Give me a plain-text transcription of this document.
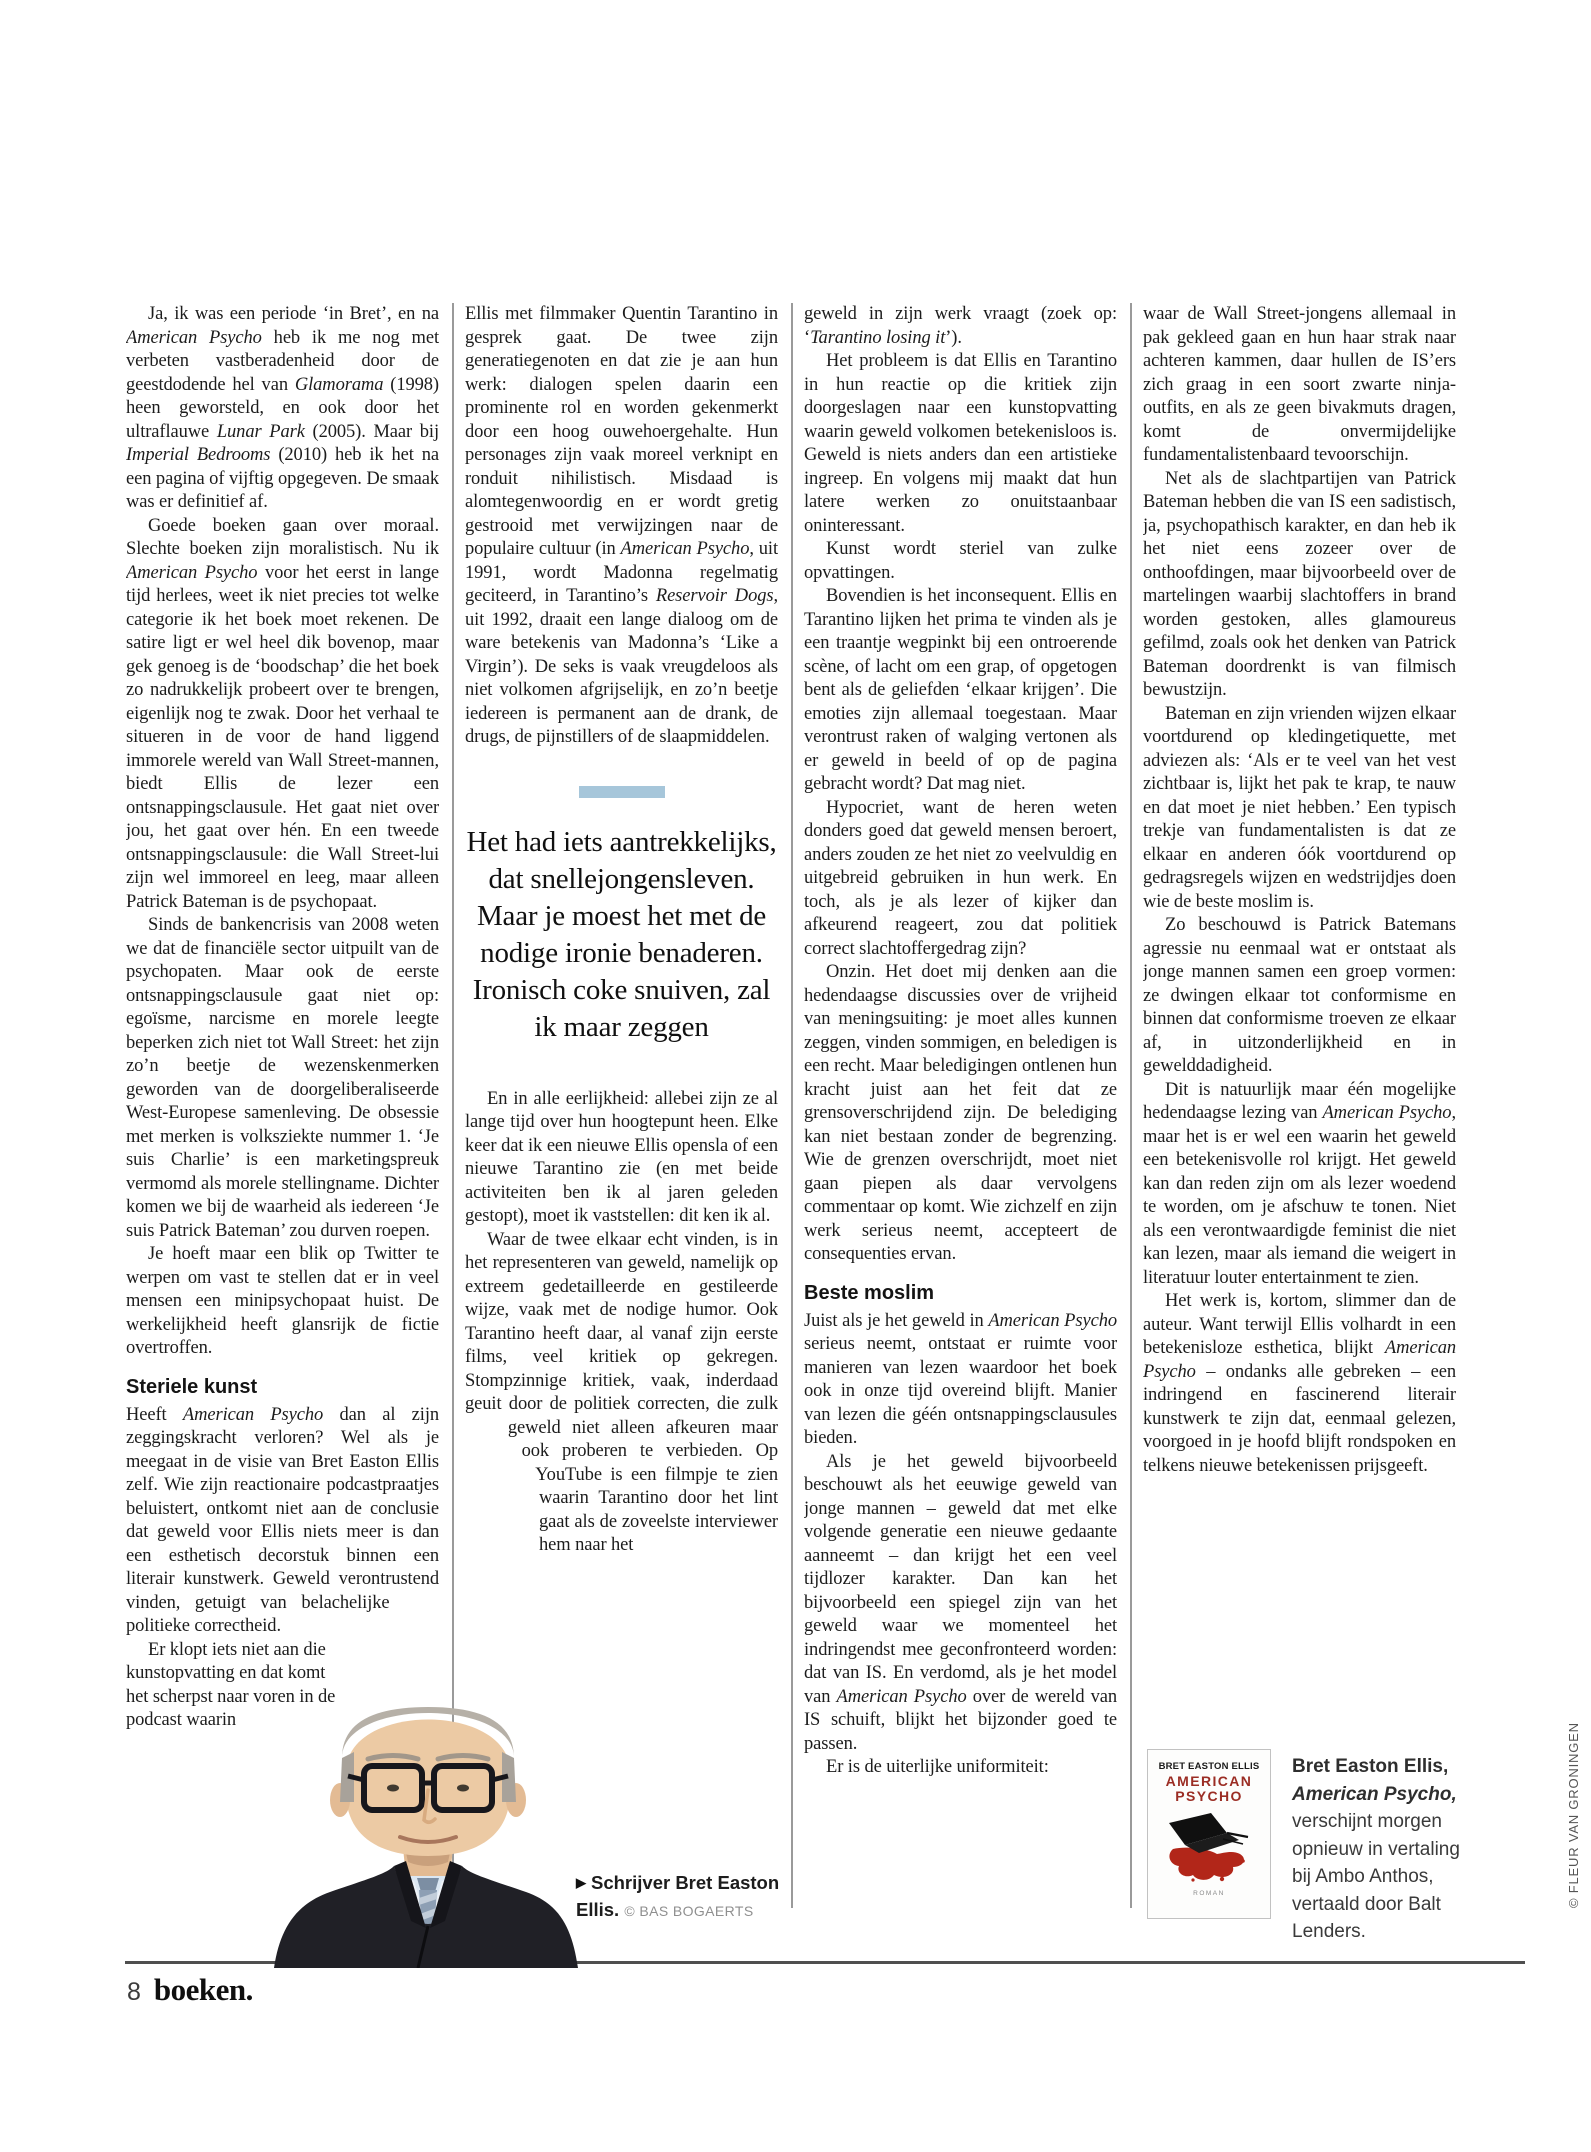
Ja, ik was een periode ‘in Bret’, en na American Psycho heb ik me nog met verbeten vastberadenheid door de geestdodende hel van Glamorama (1998) heen geworsteld, en ook door het ultraflauwe Lunar Park (2005). Maar bij Imperial Bedrooms (2010) heb ik het na een pagina of vijftig opgegeven. De smaak was er definitief af.

Goede boeken gaan over moraal. Slechte boeken zijn moralistisch. Nu ik American Psycho voor het eerst in lange tijd herlees, weet ik niet precies tot welke categorie ik het boek moet rekenen. De satire ligt er wel heel dik bovenop, maar gek genoeg is de ‘boodschap’ die het boek zo nadrukkelijk probeert over te brengen, eigenlijk nog te zwak. Door het verhaal te situeren in de voor de hand liggend immorele wereld van Wall Street-mannen, biedt Ellis de lezer een ontsnappingsclausule. Het gaat niet over jou, het gaat over hén. En een tweede ontsnappingsclausule: die Wall Street-lui zijn wel immoreel en leeg, maar alleen Patrick Bateman is de psychopaat.

Sinds de bankencrisis van 2008 weten we dat de financiële sector uitpuilt van de psychopaten. Maar ook de eerste ontsnappingsclausule gaat niet op: egoïsme, narcisme en morele leegte beperken zich niet tot Wall Street: het zijn zo’n beetje de wezenskenmerken geworden van de doorgeliberaliseerde West-Europese samenleving. De obsessie met merken is volksziekte nummer 1. ‘Je suis Charlie’ is een marketingspreuk vermomd als morele stellingname. Dichter komen we bij de waarheid als iedereen ‘Je suis Patrick Bateman’ zou durven roepen.

Je hoeft maar een blik op Twitter te werpen om vast te stellen dat er in veel mensen een minipsychopaat huist. De werkelijkheid heeft glansrijk de fictie overtroffen.

Steriele kunst

Heeft American Psycho dan al zijn zeggingskracht verloren? Wel als je meegaat in de visie van Bret Easton Ellis zelf. Wie zijn reactionaire podcastpraatjes beluistert, ontkomt niet aan de conclusie dat geweld voor Ellis niets meer is dan een esthetisch decorstuk binnen een literair kunstwerk.
Geweld verontrustend vinden, getuigt van belachelijke politieke correctheid.

Er klopt iets niet aan die kunstopvatting en dat komt het scherpst naar voren in de podcast waarin

Ellis met filmmaker Quentin Tarantino in gesprek gaat. De twee zijn generatiegenoten en dat zie je aan hun werk: dialogen spelen daarin een prominente rol en worden gekenmerkt door een hoog ouwehoergehalte. Hun personages zijn vaak moreel verknipt en ronduit nihilistisch. Misdaad is alomtegenwoordig en er wordt gretig gestrooid met verwijzingen naar de populaire cultuur (in American Psycho, uit 1991, wordt Madonna regelmatig geciteerd, in Tarantino’s Reservoir Dogs, uit 1992, draait een lange dialoog om de ware betekenis van Madonna’s ‘Like a Virgin’). De seks is vaak vreugdeloos als niet volkomen afgrijselijk, en zo’n beetje iedereen is permanent aan de drank, de drugs, de pijnstillers of de slaapmiddelen.

Het had iets aantrekkelijks, dat snellejongensleven. Maar je moest het met de nodige ironie benaderen. Ironisch coke snuiven, zal ik maar zeggen

En in alle eerlijkheid: allebei zijn ze al lange tijd over hun hoogtepunt heen. Elke keer dat ik een nieuwe Ellis opensla of een nieuwe Tarantino zie (en met beide activiteiten ben ik al jaren geleden gestopt), moet ik vaststellen: dit ken ik al.

Waar de twee elkaar echt vinden, is in het representeren van geweld, namelijk op extreem gedetailleerde en gestileerde wijze, vaak met de nodige humor. Ook Tarantino heeft daar, al vanaf zijn eerste films, veel kritiek op gekregen. Stompzinnige kritiek, vaak, inderdaad geuit door de politiek correcten, die zulk
geweld niet alleen afkeuren maar ook proberen te verbieden. Op YouTube is een filmpje te zien waarin Tarantino door het lint gaat als de zoveelste interviewer hem naar het

geweld in zijn werk vraagt (zoek op: ‘Tarantino losing it’).

Het probleem is dat Ellis en Tarantino in hun reactie op die kritiek zijn doorgeslagen naar een kunstopvatting waarin geweld volkomen betekenisloos is. Geweld is niets anders dan een artistieke ingreep. En volgens mij maakt dat hun latere werken zo onuitstaanbaar oninteressant.

Kunst wordt steriel van zulke opvattingen.

Bovendien is het inconsequent. Ellis en Tarantino lijken het prima te vinden als je een traantje wegpinkt bij een ontroerende scène, of lacht om een grap, of opgetogen bent als de geliefden ‘elkaar krijgen’. Die emoties zijn allemaal toegestaan. Maar verontrust raken of walging vertonen als er geweld in beeld of op de pagina gebracht wordt? Dat mag niet.

Hypocriet, want de heren weten donders goed dat geweld mensen beroert, anders zouden ze het niet zo veelvuldig en uitgebreid gebruiken in hun werk. En toch, als je als lezer of kijker dan afkeurend reageert, zou dat politiek correct slachtoffergedrag zijn?

Onzin. Het doet mij denken aan die hedendaagse discussies over de vrijheid van meningsuiting: je moet alles kunnen zeggen, vinden sommigen, en beledigen is een recht. Maar beledigingen ontlenen hun kracht juist aan het feit dat ze grensoverschrijdend zijn. De belediging kan niet bestaan zonder de begrenzing. Wie de grenzen overschrijdt, moet niet gaan piepen als daar vervolgens commentaar op komt. Wie zichzelf en zijn werk serieus neemt, accepteert de consequenties ervan.

Beste moslim

Juist als je het geweld in American Psycho serieus neemt, ontstaat er ruimte voor manieren van lezen waardoor het boek ook in onze tijd overeind blijft. Manier van lezen die géén ontsnappingsclausules bieden.

Als je het geweld bijvoorbeeld beschouwt als het eeuwige geweld van jonge mannen – geweld dat met elke volgende generatie een nieuwe gedaante aanneemt – dan krijgt het een veel tijdlozer karakter. Dan kan het bijvoorbeeld een spiegel zijn van het geweld waar we momenteel het indringendst mee geconfronteerd worden: dat van IS. En verdomd, als je het model van American Psycho over de wereld van IS schuift, blijkt het bijzonder goed te passen.

Er is de uiterlijke uniformiteit:

waar de Wall Street-jongens allemaal in pak gekleed gaan en hun haar strak naar achteren kammen, daar hullen de IS’ers zich graag in een soort zwarte ninja-outfits, en als ze geen bivakmuts dragen, komt de onvermijdelijke fundamentalistenbaard tevoorschijn.

Net als de slachtpartijen van Patrick Bateman hebben die van IS een sadistisch, ja, psychopathisch karakter, en dan heb ik het niet eens zozeer over de onthoofdingen, maar bijvoorbeeld over de martelingen waarbij slachtoffers in brand worden gestoken, alles glamoureus gefilmd, zoals ook het denken van Patrick Bateman doordrenkt is van filmisch bewustzijn.

Bateman en zijn vrienden wijzen elkaar voortdurend op kledingetiquette, met adviezen als: ‘Als er te veel van het vest zichtbaar is, lijkt het pak te krap, te nauw en dat moet je niet hebben.’ Een typisch trekje van fundamentalisten is dat ze elkaar en anderen óók voortdurend op gedragsregels wijzen en wedstrijdjes doen wie de beste moslim is.

Zo beschouwd is Patrick Batemans agressie nu eenmaal wat er ontstaat als jonge mannen samen een groep vormen: ze dwingen elkaar tot conformisme en binnen dat conformisme troeven ze elkaar af, in uitzonderlijkheid en in gewelddadigheid.

Dit is natuurlijk maar één mogelijke hedendaagse lezing van American Psycho, maar het is er wel een waarin het geweld een betekenisvolle rol krijgt. Het geweld kan dan reden zijn om als lezer woedend te worden, om je afschuw te tonen. Niet als een verontwaardigde feminist die niet kan lezen, maar als iemand die weigert in literatuur louter entertainment te zien.

Het werk is, kortom, slimmer dan de auteur. Want terwijl Ellis volhardt in een betekenisloze esthetica, blijkt American Psycho – ondanks alle gebreken – een indringend en fascinerend literair kunstwerk te zijn dat, eenmaal gelezen, voorgoed in je hoofd blijft rondspoken en telkens nieuwe betekenissen prijsgeeft.

▶ Schrijver Bret Easton Ellis. © BAS BOGAERTS
BRET EASTON ELLIS
AMERICAN PSYCHO
ROMAN
Bret Easton Ellis,
American Psycho,
verschijnt morgen opnieuw in vertaling bij Ambo Anthos, vertaald door Balt Lenders.
8 boeken.
© FLEUR VAN GRONINGEN
